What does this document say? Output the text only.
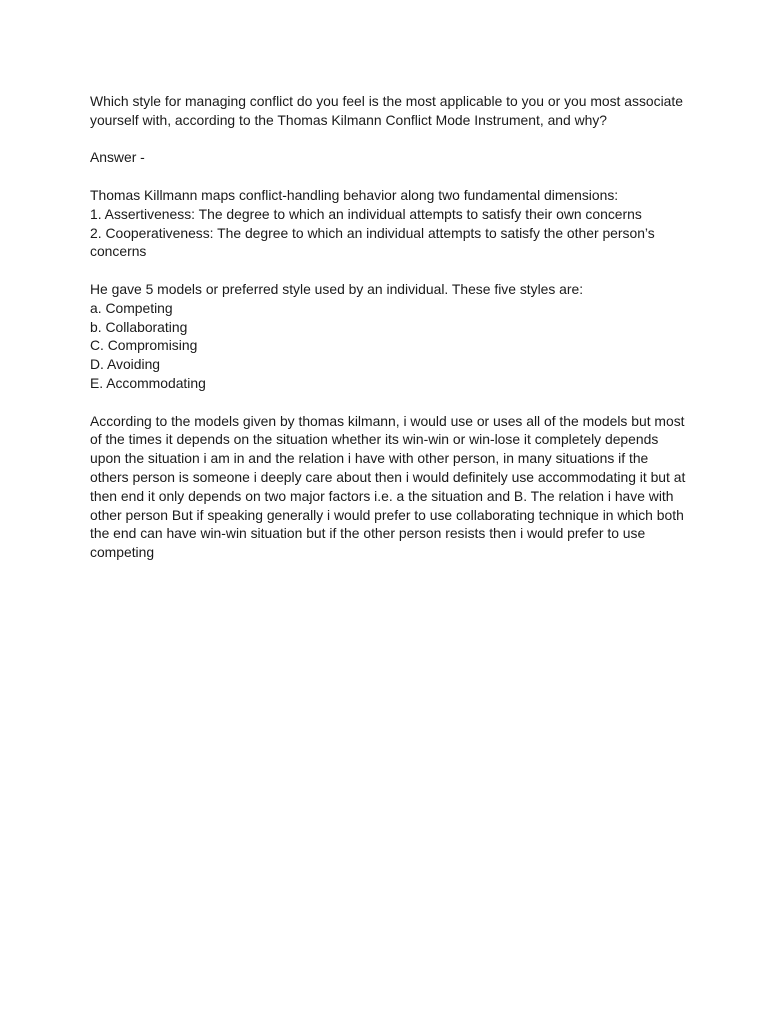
Which style for managing conflict do you feel is the most applicable to you or you most associate yourself with, according to the Thomas Kilmann Conflict Mode Instrument, and why?

Answer -

Thomas Killmann maps conflict-handling behavior along two fundamental dimensions:

1. Assertiveness: The degree to which an individual attempts to satisfy their own concerns

2. Cooperativeness: The degree to which an individual attempts to satisfy the other person’s concerns

He gave 5 models or preferred style used by an individual. These five styles are:

a. Competing

b. Collaborating

C. Compromising

D. Avoiding

E. Accommodating

According to the models given by thomas kilmann, i would use or uses all of the models but most of the times it depends on the situation whether its win-win or win-lose it completely depends upon the situation i am in and the relation i have with other person, in many situations if the others person is someone i deeply care about then i would definitely use accommodating it but at then end it only depends on two major factors i.e. a the situation and B. The relation i have with other person But if speaking generally i would prefer to use collaborating technique in which both the end can have win-win situation but if the other person resists then i would prefer to use competing
